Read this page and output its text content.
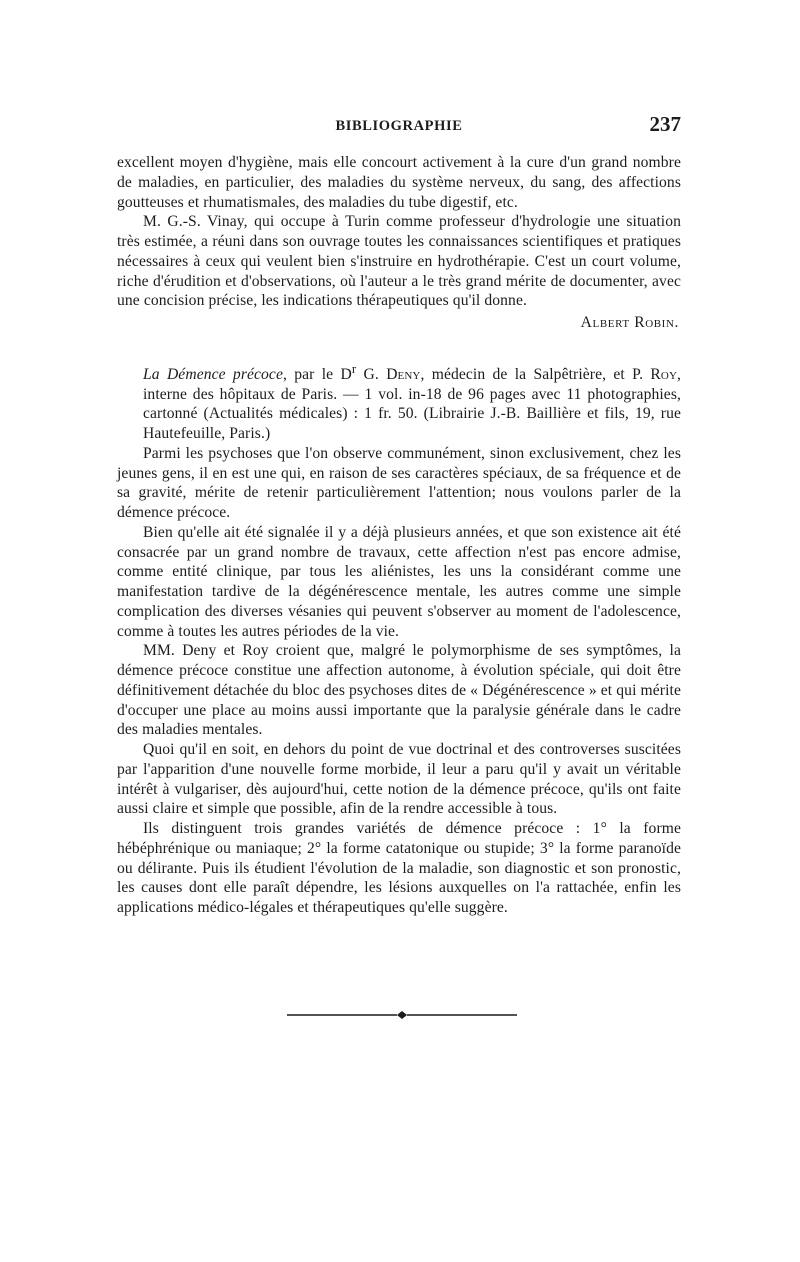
BIBLIOGRAPHIE	237

excellent moyen d'hygiène, mais elle concourt activement à la cure d'un grand nombre de maladies, en particulier, des maladies du système nerveux, du sang, des affections goutteuses et rhumatismales, des maladies du tube digestif, etc.

M. G.-S. Vinay, qui occupe à Turin comme professeur d'hydrologie une situation très estimée, a réuni dans son ouvrage toutes les connaissances scientifiques et pratiques nécessaires à ceux qui veulent bien s'instruire en hydrothérapie. C'est un court volume, riche d'érudition et d'observations, où l'auteur a le très grand mérite de documenter, avec une concision précise, les indications thérapeutiques qu'il donne.

Albert Robin.

La Démence précoce, par le $D^r$ G. Deny, médecin de la Salpêtrière, et P. Roy, interne des hôpitaux de Paris. — 1 vol. in-18 de 96 pages avec 11 photographies, cartonné (Actualités médicales) : 1 fr. 50. (Librairie J.-B. Baillière et fils, 19, rue Hautefeuille, Paris.)

Parmi les psychoses que l'on observe communément, sinon exclusivement, chez les jeunes gens, il en est une qui, en raison de ses caractères spéciaux, de sa fréquence et de sa gravité, mérite de retenir particulièrement l'attention; nous voulons parler de la démence précoce.

Bien qu'elle ait été signalée il y a déjà plusieurs années, et que son existence ait été consacrée par un grand nombre de travaux, cette affection n'est pas encore admise, comme entité clinique, par tous les aliénistes, les uns la considérant comme une manifestation tardive de la dégénérescence mentale, les autres comme une simple complication des diverses vésanies qui peuvent s'observer au moment de l'adolescence, comme à toutes les autres périodes de la vie.

MM. Deny et Roy croient que, malgré le polymorphisme de ses symptômes, la démence précoce constitue une affection autonome, à évolution spéciale, qui doit être définitivement détachée du bloc des psychoses dites de « Dégénérescence » et qui mérite d'occuper une place au moins aussi importante que la paralysie générale dans le cadre des maladies mentales.

Quoi qu'il en soit, en dehors du point de vue doctrinal et des controverses suscitées par l'apparition d'une nouvelle forme morbide, il leur a paru qu'il y avait un véritable intérêt à vulgariser, dès aujourd'hui, cette notion de la démence précoce, qu'ils ont faite aussi claire et simple que possible, afin de la rendre accessible à tous.

Ils distinguent trois grandes variétés de démence précoce : 1° la forme hébéphrénique ou maniaque; 2° la forme catatonique ou stupide; 3° la forme paranoïde ou délirante. Puis ils étudient l'évolution de la maladie, son diagnostic et son pronostic, les causes dont elle paraît dépendre, les lésions auxquelles on l'a rattachée, enfin les applications médico-légales et thérapeutiques qu'elle suggère.
